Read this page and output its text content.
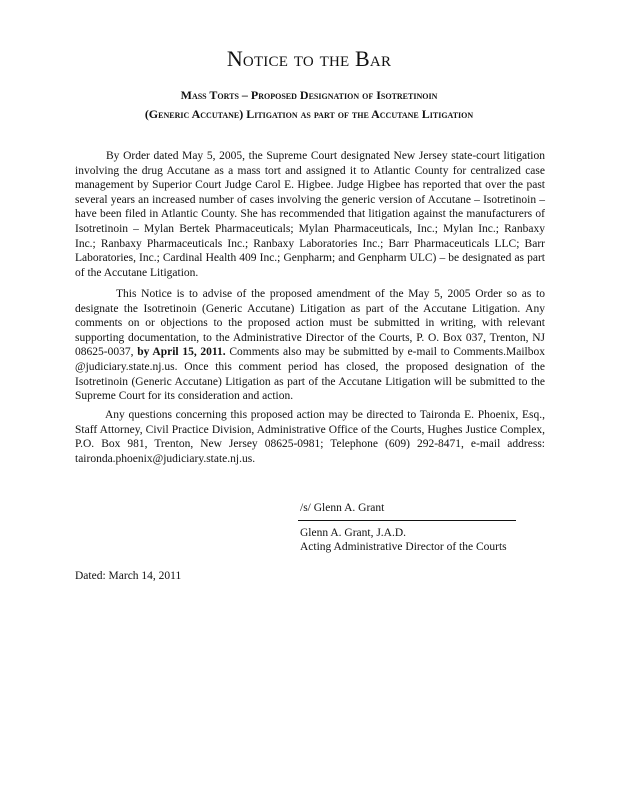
Notice to the Bar
Mass Torts – Proposed Designation of Isotretinoin
(Generic Accutane) Litigation as part of the Accutane Litigation

By Order dated May 5, 2005, the Supreme Court designated New Jersey state-court litigation involving the drug Accutane as a mass tort and assigned it to Atlantic County for centralized case management by Superior Court Judge Carol E. Higbee. Judge Higbee has reported that over the past several years an increased number of cases involving the generic version of Accutane – Isotretinoin – have been filed in Atlantic County. She has recommended that litigation against the manufacturers of Isotretinoin – Mylan Bertek Pharmaceuticals; Mylan Pharmaceuticals, Inc.; Mylan Inc.; Ranbaxy Inc.; Ranbaxy Pharmaceuticals Inc.; Ranbaxy Laboratories Inc.; Barr Pharmaceuticals LLC; Barr Laboratories, Inc.; Cardinal Health 409 Inc.; Genpharm; and Genpharm ULC) – be designated as part of the Accutane Litigation.

This Notice is to advise of the proposed amendment of the May 5, 2005 Order so as to designate the Isotretinoin (Generic Accutane) Litigation as part of the Accutane Litigation. Any comments on or objections to the proposed action must be submitted in writing, with relevant supporting documentation, to the Administrative Director of the Courts, P. O. Box 037, Trenton, NJ 08625-0037, by April 15, 2011. Comments also may be submitted by e-mail to Comments.Mailbox @judiciary.state.nj.us. Once this comment period has closed, the proposed designation of the Isotretinoin (Generic Accutane) Litigation as part of the Accutane Litigation will be submitted to the Supreme Court for its consideration and action.

Any questions concerning this proposed action may be directed to Taironda E. Phoenix, Esq., Staff Attorney, Civil Practice Division, Administrative Office of the Courts, Hughes Justice Complex, P.O. Box 981, Trenton, New Jersey 08625-0981; Telephone (609) 292-8471, e-mail address: taironda.phoenix@judiciary.state.nj.us.

/s/ Glenn A. Grant
Glenn A. Grant, J.A.D.
Acting Administrative Director of the Courts
Dated: March 14, 2011
